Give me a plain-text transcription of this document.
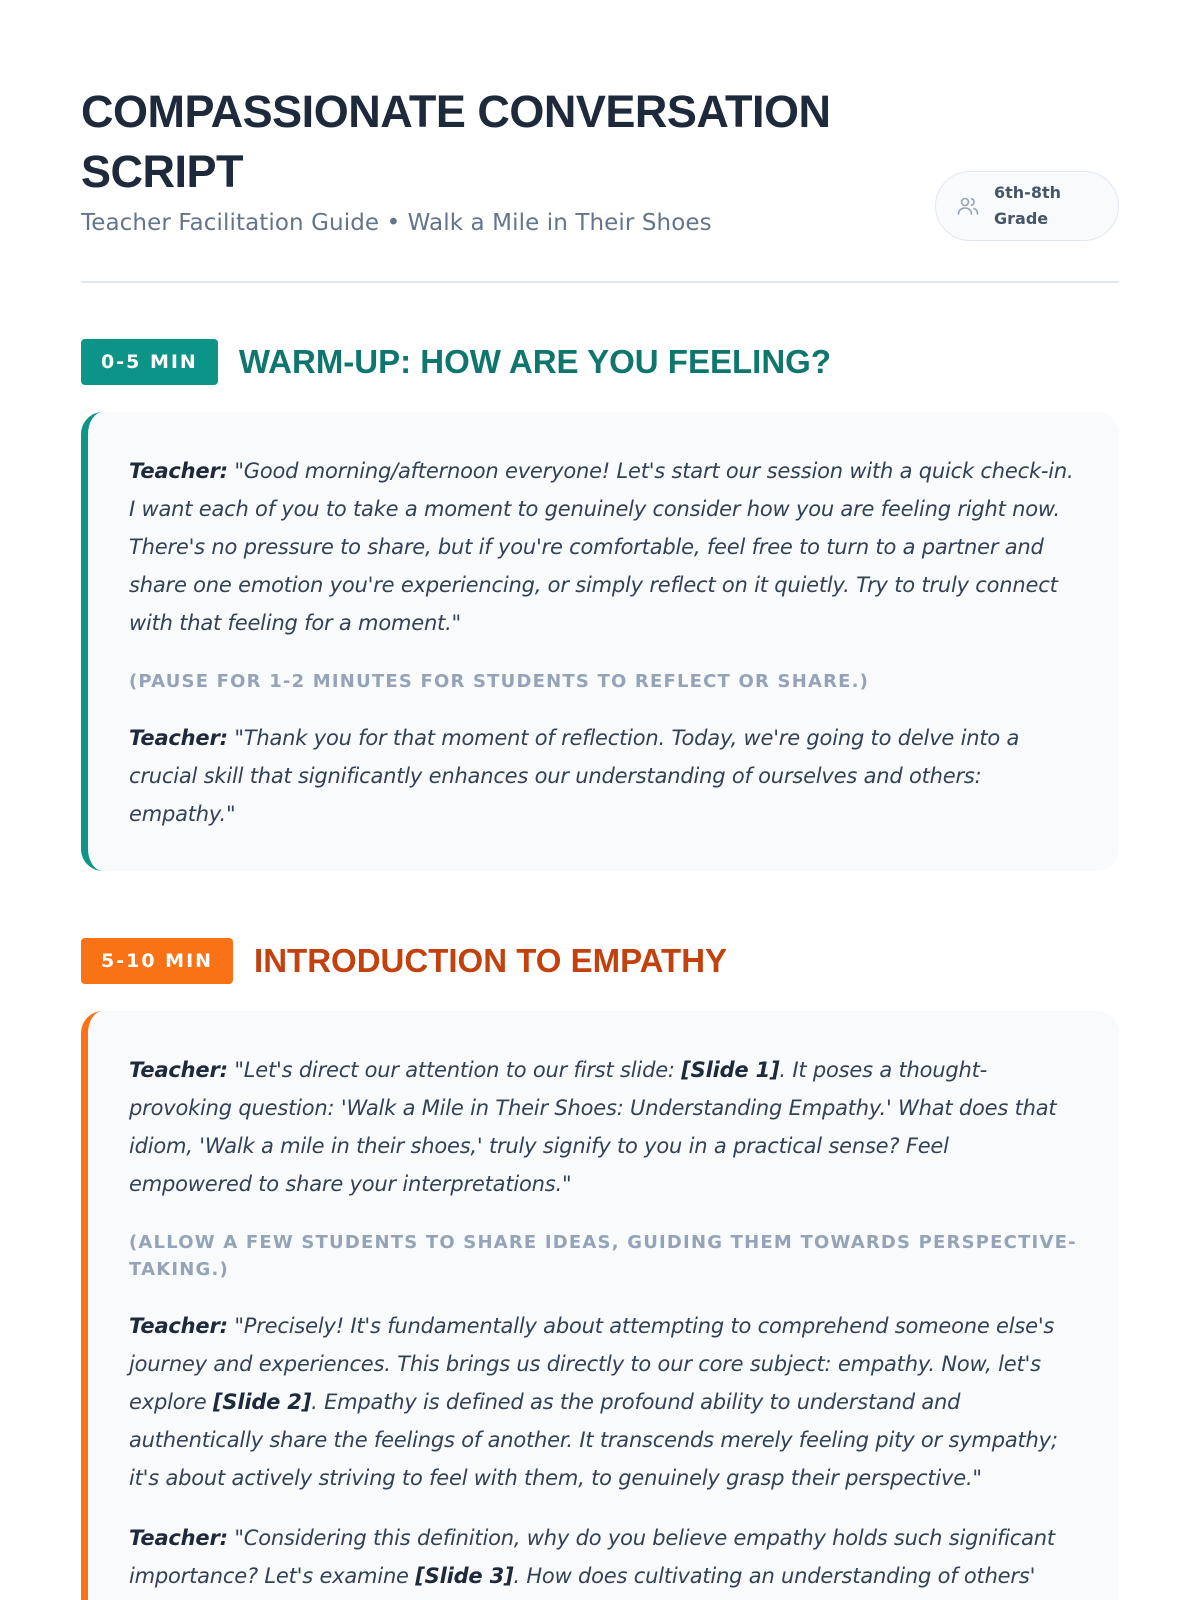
COMPASSIONATE CONVERSATION SCRIPT
Teacher Facilitation Guide • Walk a Mile in Their Shoes
6th-8th Grade
0-5 MIN	WARM-UP: HOW ARE YOU FEELING?

Teacher: "Good morning/afternoon everyone! Let's start our session with a quick check-in. I want each of you to take a moment to genuinely consider how you are feeling right now. There's no pressure to share, but if you're comfortable, feel free to turn to a partner and share one emotion you're experiencing, or simply reflect on it quietly. Try to truly connect with that feeling for a moment."

(PAUSE FOR 1-2 MINUTES FOR STUDENTS TO REFLECT OR SHARE.)

Teacher: "Thank you for that moment of reflection. Today, we're going to delve into a crucial skill that significantly enhances our understanding of ourselves and others: empathy."

5-10 MIN	INTRODUCTION TO EMPATHY

Teacher: "Let's direct our attention to our first slide: [Slide 1]. It poses a thought-provoking question: 'Walk a Mile in Their Shoes: Understanding Empathy.' What does that idiom, 'Walk a mile in their shoes,' truly signify to you in a practical sense? Feel empowered to share your interpretations."

(ALLOW A FEW STUDENTS TO SHARE IDEAS, GUIDING THEM TOWARDS PERSPECTIVE-TAKING.)

Teacher: "Precisely! It's fundamentally about attempting to comprehend someone else's journey and experiences. This brings us directly to our core subject: empathy. Now, let's explore [Slide 2]. Empathy is defined as the profound ability to understand and authentically share the feelings of another. It transcends merely feeling pity or sympathy; it's about actively striving to feel with them, to genuinely grasp their perspective."

Teacher: "Considering this definition, why do you believe empathy holds such significant importance? Let's examine [Slide 3]. How does cultivating an understanding of others'
